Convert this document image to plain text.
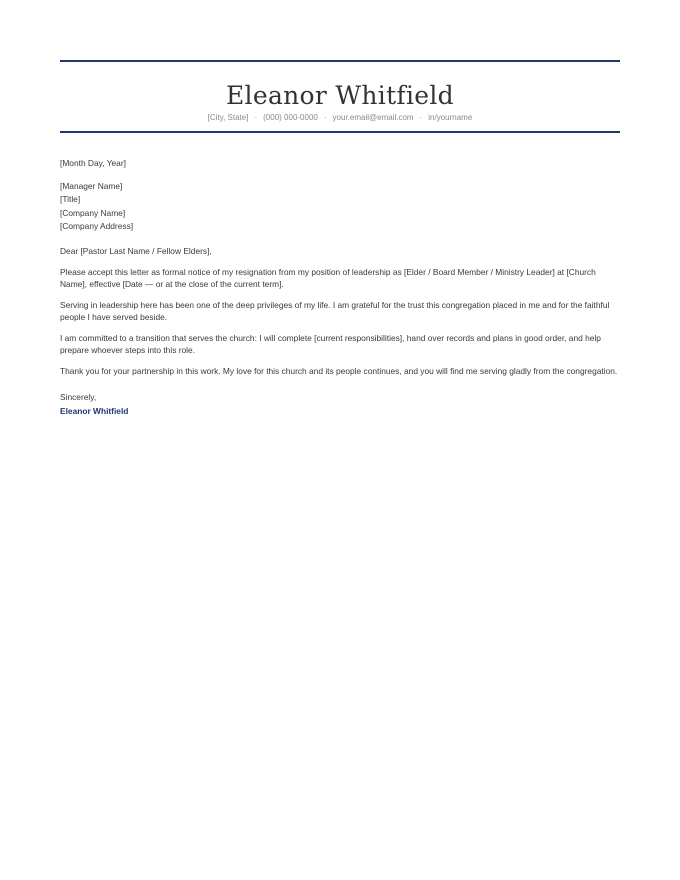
Eleanor Whitfield
[City, State] · (000) 000-0000 · your.email@email.com · in/yourname

[Month Day, Year]

[Manager Name]
[Title]
[Company Name]
[Company Address]

Dear [Pastor Last Name / Fellow Elders],

Please accept this letter as formal notice of my resignation from my position of leadership as [Elder / Board Member / Ministry Leader] at [Church Name], effective [Date — or at the close of the current term].

Serving in leadership here has been one of the deep privileges of my life. I am grateful for the trust this congregation placed in me and for the faithful people I have served beside.

I am committed to a transition that serves the church: I will complete [current responsibilities], hand over records and plans in good order, and help prepare whoever steps into this role.

Thank you for your partnership in this work. My love for this church and its people continues, and you will find me serving gladly from the congregation.

Sincerely,

Eleanor Whitfield
